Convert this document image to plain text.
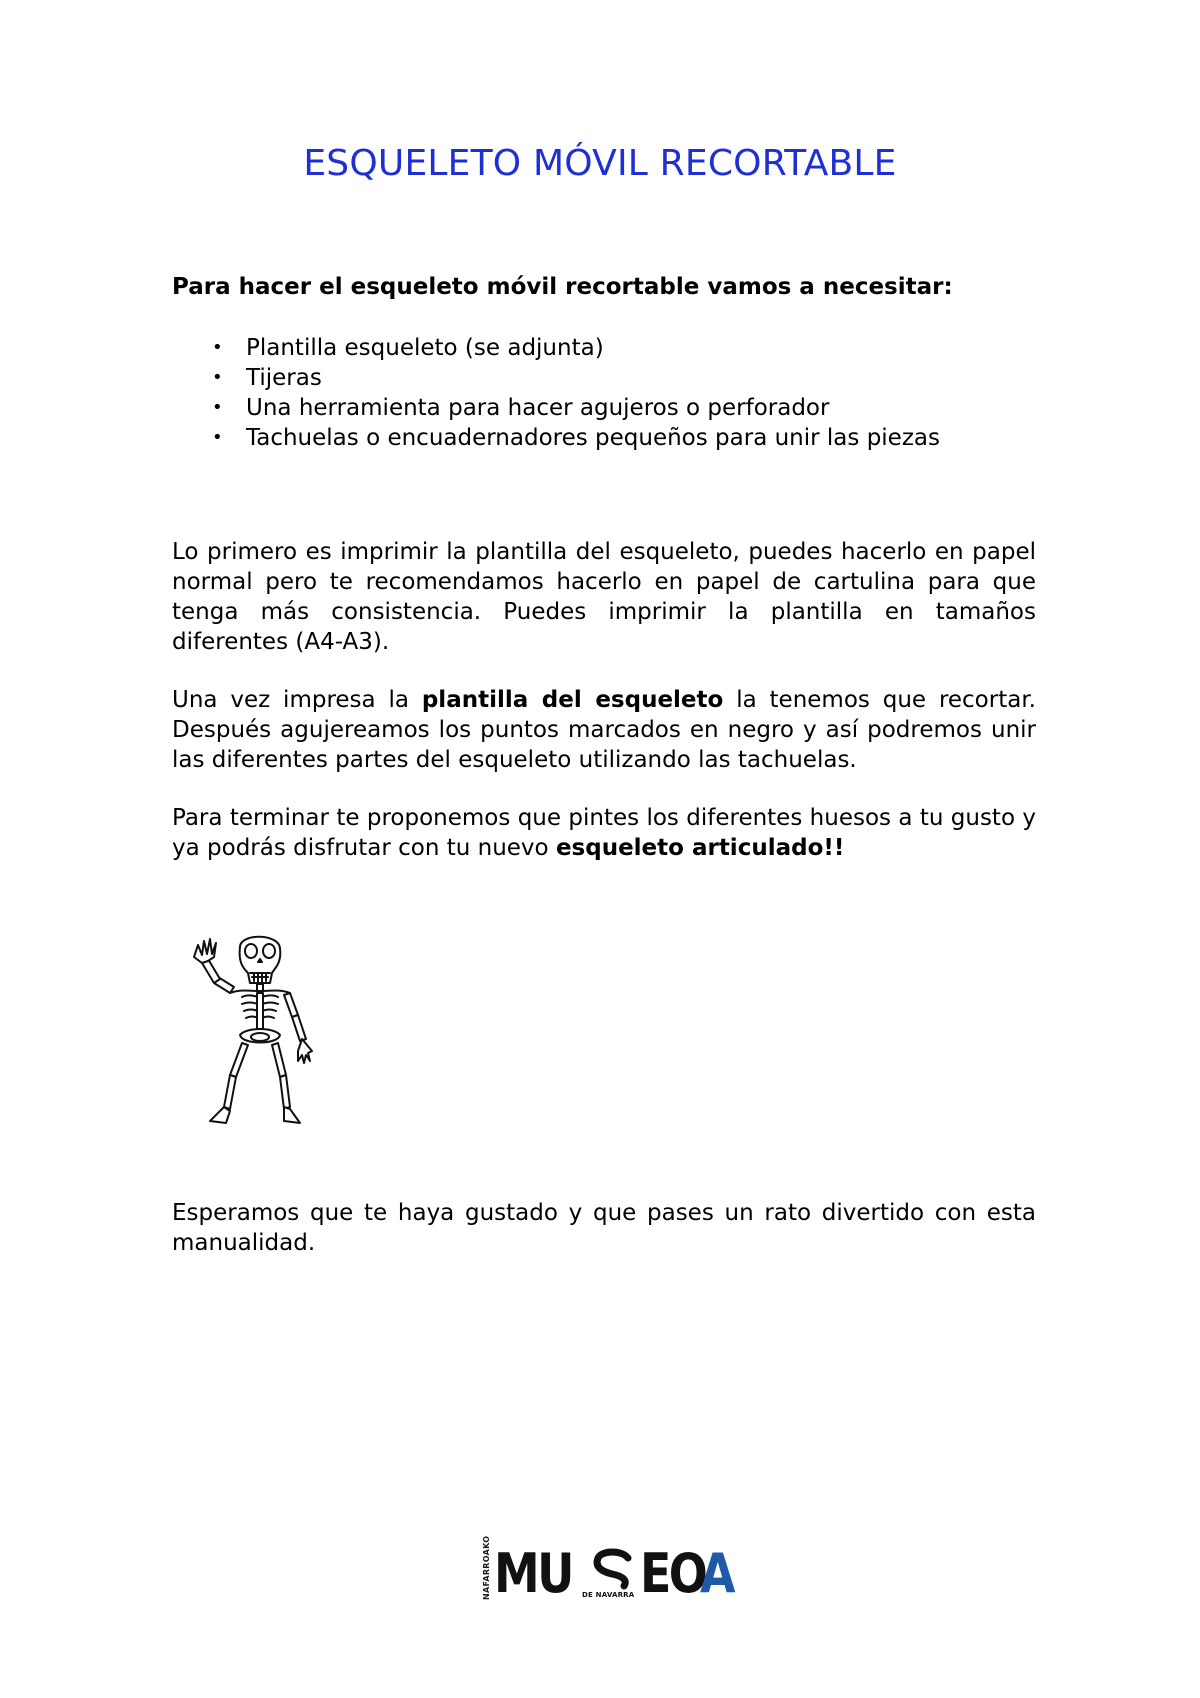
ESQUELETO MÓVIL RECORTABLE

Para hacer el esqueleto móvil recortable vamos a necesitar:

• Plantilla esqueleto (se adjunta)
• Tijeras
• Una herramienta para hacer agujeros o perforador
• Tachuelas o encuadernadores pequeños para unir las piezas

Lo primero es imprimir la plantilla del esqueleto, puedes hacerlo en papel normal pero te recomendamos hacerlo en papel de cartulina para que tenga más consistencia. Puedes imprimir la plantilla en tamaños diferentes (A4-A3).

Una vez impresa la plantilla del esqueleto la tenemos que recortar. Después agujereamos los puntos marcados en negro y así podremos unir las diferentes partes del esqueleto utilizando las tachuelas.

Para terminar te proponemos que pintes los diferentes huesos a tu gusto y ya podrás disfrutar con tu nuevo esqueleto articulado!!

Esperamos que te haya gustado y que pases un rato divertido con esta manualidad.

NAFARROAKO MU DE NAVARRA EO
A
